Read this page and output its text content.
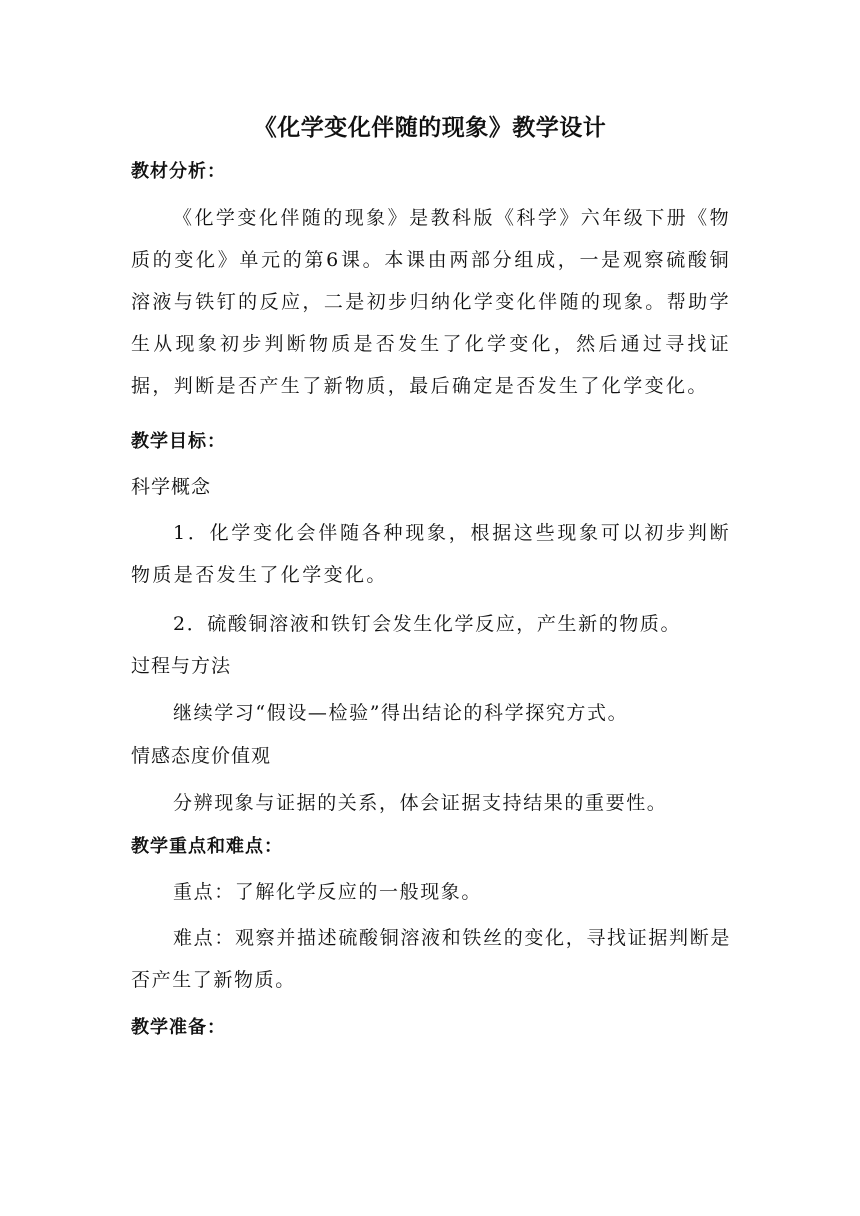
《化学变化伴随的现象》教学设计
教材分析：
《化学变化伴随的现象》是教科版《科学》六年级下册《物质的变化》单元的第6课。本课由两部分组成，一是观察硫酸铜溶液与铁钉的反应，二是初步归纳化学变化伴随的现象。帮助学生从现象初步判断物质是否发生了化学变化，然后通过寻找证据，判断是否产生了新物质，最后确定是否发生了化学变化。
教学目标：
科学概念
1．化学变化会伴随各种现象，根据这些现象可以初步判断物质是否发生了化学变化。
2．硫酸铜溶液和铁钉会发生化学反应，产生新的物质。
过程与方法
继续学习“假设—检验”得出结论的科学探究方式。
情感态度价值观
分辨现象与证据的关系，体会证据支持结果的重要性。
教学重点和难点：
重点：了解化学反应的一般现象。
难点：观察并描述硫酸铜溶液和铁丝的变化，寻找证据判断是否产生了新物质。
教学准备：
